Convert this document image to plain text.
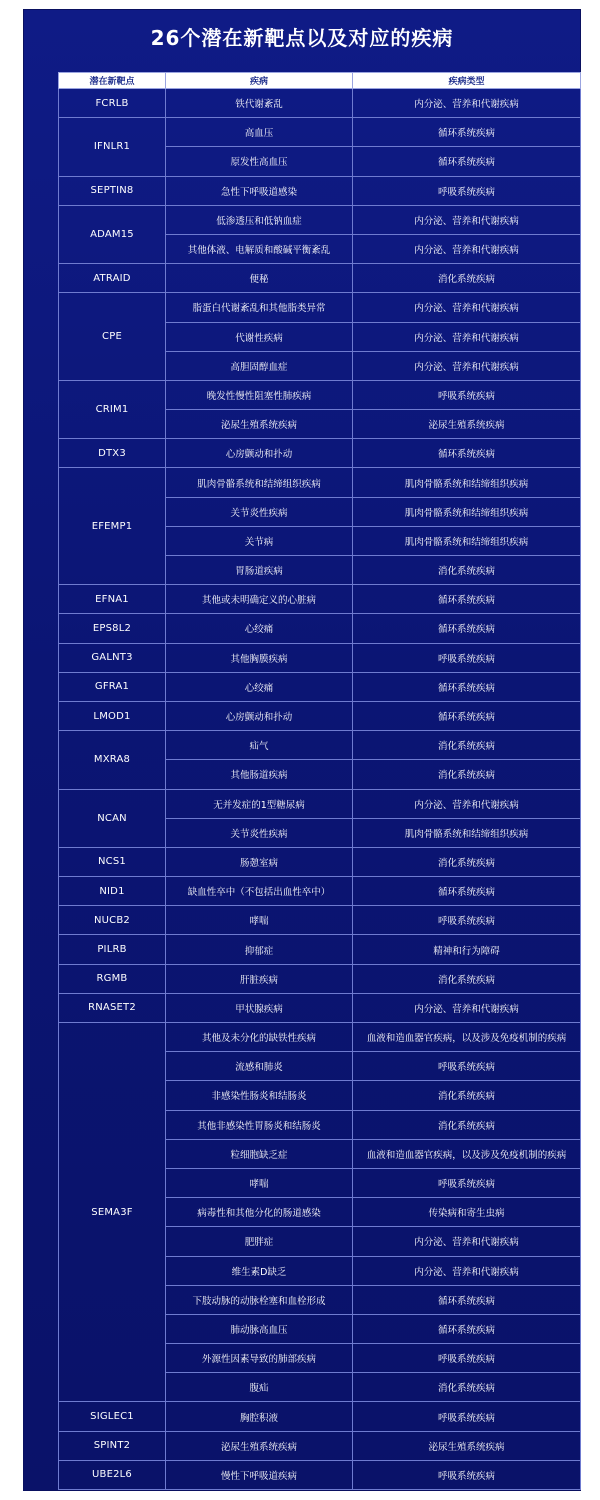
26个潜在新靶点以及对应的疾病
潜在新靶点	疾病	疾病类型
FCRLB	铁代谢紊乱	内分泌、营养和代谢疾病
IFNLR1	高血压	循环系统疾病
	原发性高血压	循环系统疾病
SEPTIN8	急性下呼吸道感染	呼吸系统疾病
ADAM15	低渗透压和低钠血症	内分泌、营养和代谢疾病
	其他体液、电解质和酸碱平衡紊乱	内分泌、营养和代谢疾病
ATRAID	便秘	消化系统疾病
CPE	脂蛋白代谢紊乱和其他脂类异常	内分泌、营养和代谢疾病
	代谢性疾病	内分泌、营养和代谢疾病
	高胆固醇血症	内分泌、营养和代谢疾病
CRIM1	晚发性慢性阻塞性肺疾病	呼吸系统疾病
	泌尿生殖系统疾病	泌尿生殖系统疾病
DTX3	心房颤动和扑动	循环系统疾病
EFEMP1	肌肉骨骼系统和结缔组织疾病	肌肉骨骼系统和结缔组织疾病
	关节炎性疾病	肌肉骨骼系统和结缔组织疾病
	关节病	肌肉骨骼系统和结缔组织疾病
	胃肠道疾病	消化系统疾病
EFNA1	其他或未明确定义的心脏病	循环系统疾病
EPS8L2	心绞痛	循环系统疾病
GALNT3	其他胸膜疾病	呼吸系统疾病
GFRA1	心绞痛	循环系统疾病
LMOD1	心房颤动和扑动	循环系统疾病
MXRA8	疝气	消化系统疾病
	其他肠道疾病	消化系统疾病
NCAN	无并发症的1型糖尿病	内分泌、营养和代谢疾病
	关节炎性疾病	肌肉骨骼系统和结缔组织疾病
NCS1	肠憩室病	消化系统疾病
NID1	缺血性卒中（不包括出血性卒中）	循环系统疾病
NUCB2	哮喘	呼吸系统疾病
PILRB	抑郁症	精神和行为障碍
RGMB	肝脏疾病	消化系统疾病
RNASET2	甲状腺疾病	内分泌、营养和代谢疾病
SEMA3F	其他及未分化的缺铁性疾病	血液和造血器官疾病，以及涉及免疫机制的疾病
	流感和肺炎	呼吸系统疾病
	非感染性肠炎和结肠炎	消化系统疾病
	其他非感染性胃肠炎和结肠炎	消化系统疾病
	粒细胞缺乏症	血液和造血器官疾病，以及涉及免疫机制的疾病
	哮喘	呼吸系统疾病
	病毒性和其他分化的肠道感染	传染病和寄生虫病
	肥胖症	内分泌、营养和代谢疾病
	维生素D缺乏	内分泌、营养和代谢疾病
	下肢动脉的动脉栓塞和血栓形成	循环系统疾病
	肺动脉高血压	循环系统疾病
	外源性因素导致的肺部疾病	呼吸系统疾病
	腹疝	消化系统疾病
SIGLEC1	胸腔积液	呼吸系统疾病
SPINT2	泌尿生殖系统疾病	泌尿生殖系统疾病
UBE2L6	慢性下呼吸道疾病	呼吸系统疾病
